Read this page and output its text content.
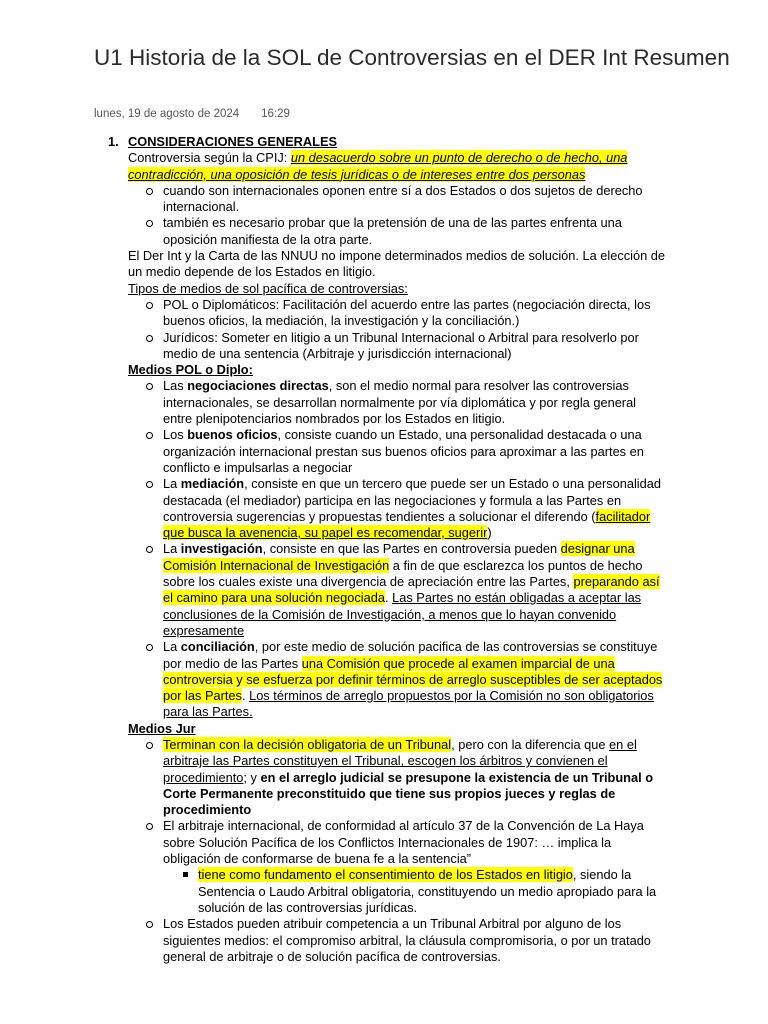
U1 Historia de la SOL de Controversias en el DER Int Resumen
lunes, 19 de agosto de 2024 16:29

1. CONSIDERACIONES GENERALES

Controversia según la CPIJ: un desacuerdo sobre un punto de derecho o de hecho, una contradicción, una oposición de tesis jurídicas o de intereses entre dos personas

cuando son internacionales oponen entre sí a dos Estados o dos sujetos de derecho internacional.
también es necesario probar que la pretensión de una de las partes enfrenta una oposición manifiesta de la otra parte.

El Der Int y la Carta de las NNUU no impone determinados medios de solución. La elección de un medio depende de los Estados en litigio.

Tipos de medios de sol pacífica de controversias:

POL o Diplomáticos: Facilitación del acuerdo entre las partes (negociación directa, los buenos oficios, la mediación, la investigación y la conciliación.)
Jurídicos: Someter en litigio a un Tribunal Internacional o Arbitral para resolverlo por medio de una sentencia (Arbitraje y jurisdicción internacional)

Medios POL o Diplo:

Las negociaciones directas, son el medio normal para resolver las controversias internacionales, se desarrollan normalmente por vía diplomática y por regla general entre plenipotenciarios nombrados por los Estados en litigio.
Los buenos oficios, consiste cuando un Estado, una personalidad destacada o una organización internacional prestan sus buenos oficios para aproximar a las partes en conflicto e impulsarlas a negociar
La mediación, consiste en que un tercero que puede ser un Estado o una personalidad destacada (el mediador) participa en las negociaciones y formula a las Partes en controversia sugerencias y propuestas tendientes a solucionar el diferendo (facilitador que busca la avenencia, su papel es recomendar, sugerir)
La investigación, consiste en que las Partes en controversia pueden designar una Comisión Internacional de Investigación a fin de que esclarezca los puntos de hecho sobre los cuales existe una divergencia de apreciación entre las Partes, preparando así el camino para una solución negociada. Las Partes no están obligadas a aceptar las conclusiones de la Comisión de Investigación, a menos que lo hayan convenido expresamente
La conciliación, por este medio de solución pacifica de las controversias se constituye por medio de las Partes una Comisión que procede al examen imparcial de una controversia y se esfuerza por definir términos de arreglo susceptibles de ser aceptados por las Partes. Los términos de arreglo propuestos por la Comisión no son obligatorios para las Partes.

Medios Jur

Terminan con la decisión obligatoria de un Tribunal, pero con la diferencia que en el arbitraje las Partes constituyen el Tribunal, escogen los árbitros y convienen el procedimiento; y en el arreglo judicial se presupone la existencia de un Tribunal o Corte Permanente preconstituido que tiene sus propios jueces y reglas de procedimiento
El arbitraje internacional, de conformidad al artículo 37 de la Convención de La Haya sobre Solución Pacífica de los Conflictos Internacionales de 1907: … implica la obligación de conformarse de buena fe a la sentencia”
tiene como fundamento el consentimiento de los Estados en litigio, siendo la Sentencia o Laudo Arbitral obligatoria, constituyendo un medio apropiado para la solución de las controversias jurídicas.
Los Estados pueden atribuir competencia a un Tribunal Arbitral por alguno de los siguientes medios: el compromiso arbitral, la cláusula compromisoria, o por un tratado general de arbitraje o de solución pacífica de controversias.
